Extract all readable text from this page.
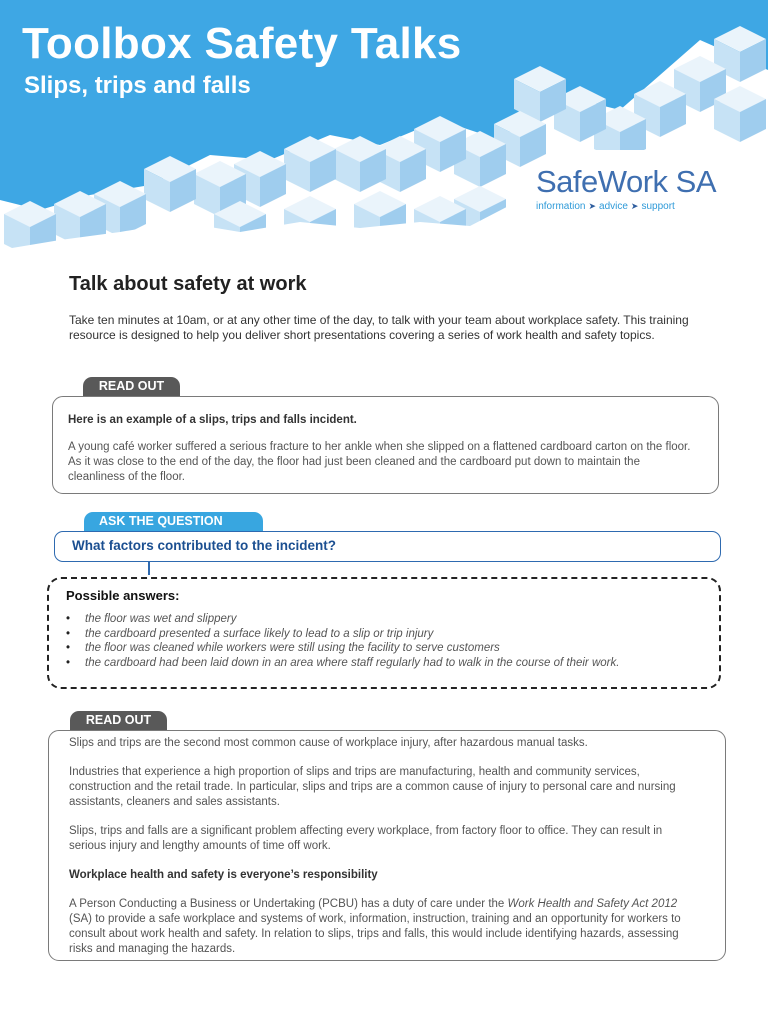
Toolbox Safety Talks
Slips, trips and falls
SafeWork SA
information ➤ advice ➤ support
Talk about safety at work

Take ten minutes at 10am, or at any other time of the day, to talk with your team about workplace safety. This training resource is designed to help you deliver short presentations covering a series of work health and safety topics.

READ OUT

Here is an example of a slips, trips and falls incident.

A young café worker suffered a serious fracture to her ankle when she slipped on a flattened cardboard carton on the floor. As it was close to the end of the day, the floor had just been cleaned and the cardboard put down to maintain the cleanliness of the floor.

ASK THE QUESTION
What factors contributed to the incident?
Possible answers:
• the floor was wet and slippery
• the cardboard presented a surface likely to lead to a slip or trip injury
• the floor was cleaned while workers were still using the facility to serve customers
• the cardboard had been laid down in an area where staff regularly had to walk in the course of their work.
READ OUT

Slips and trips are the second most common cause of workplace injury, after hazardous manual tasks.

Industries that experience a high proportion of slips and trips are manufacturing, health and community services, construction and the retail trade. In particular, slips and trips are a common cause of injury to personal care and nursing assistants, cleaners and sales assistants.

Slips, trips and falls are a significant problem affecting every workplace, from factory floor to office. They can result in serious injury and lengthy amounts of time off work.

Workplace health and safety is everyone’s responsibility

A Person Conducting a Business or Undertaking (PCBU) has a duty of care under the Work Health and Safety Act 2012 (SA) to provide a safe workplace and systems of work, information, instruction, training and an opportunity for workers to consult about work health and safety. In relation to slips, trips and falls, this would include identifying hazards, assessing risks and managing the hazards.
